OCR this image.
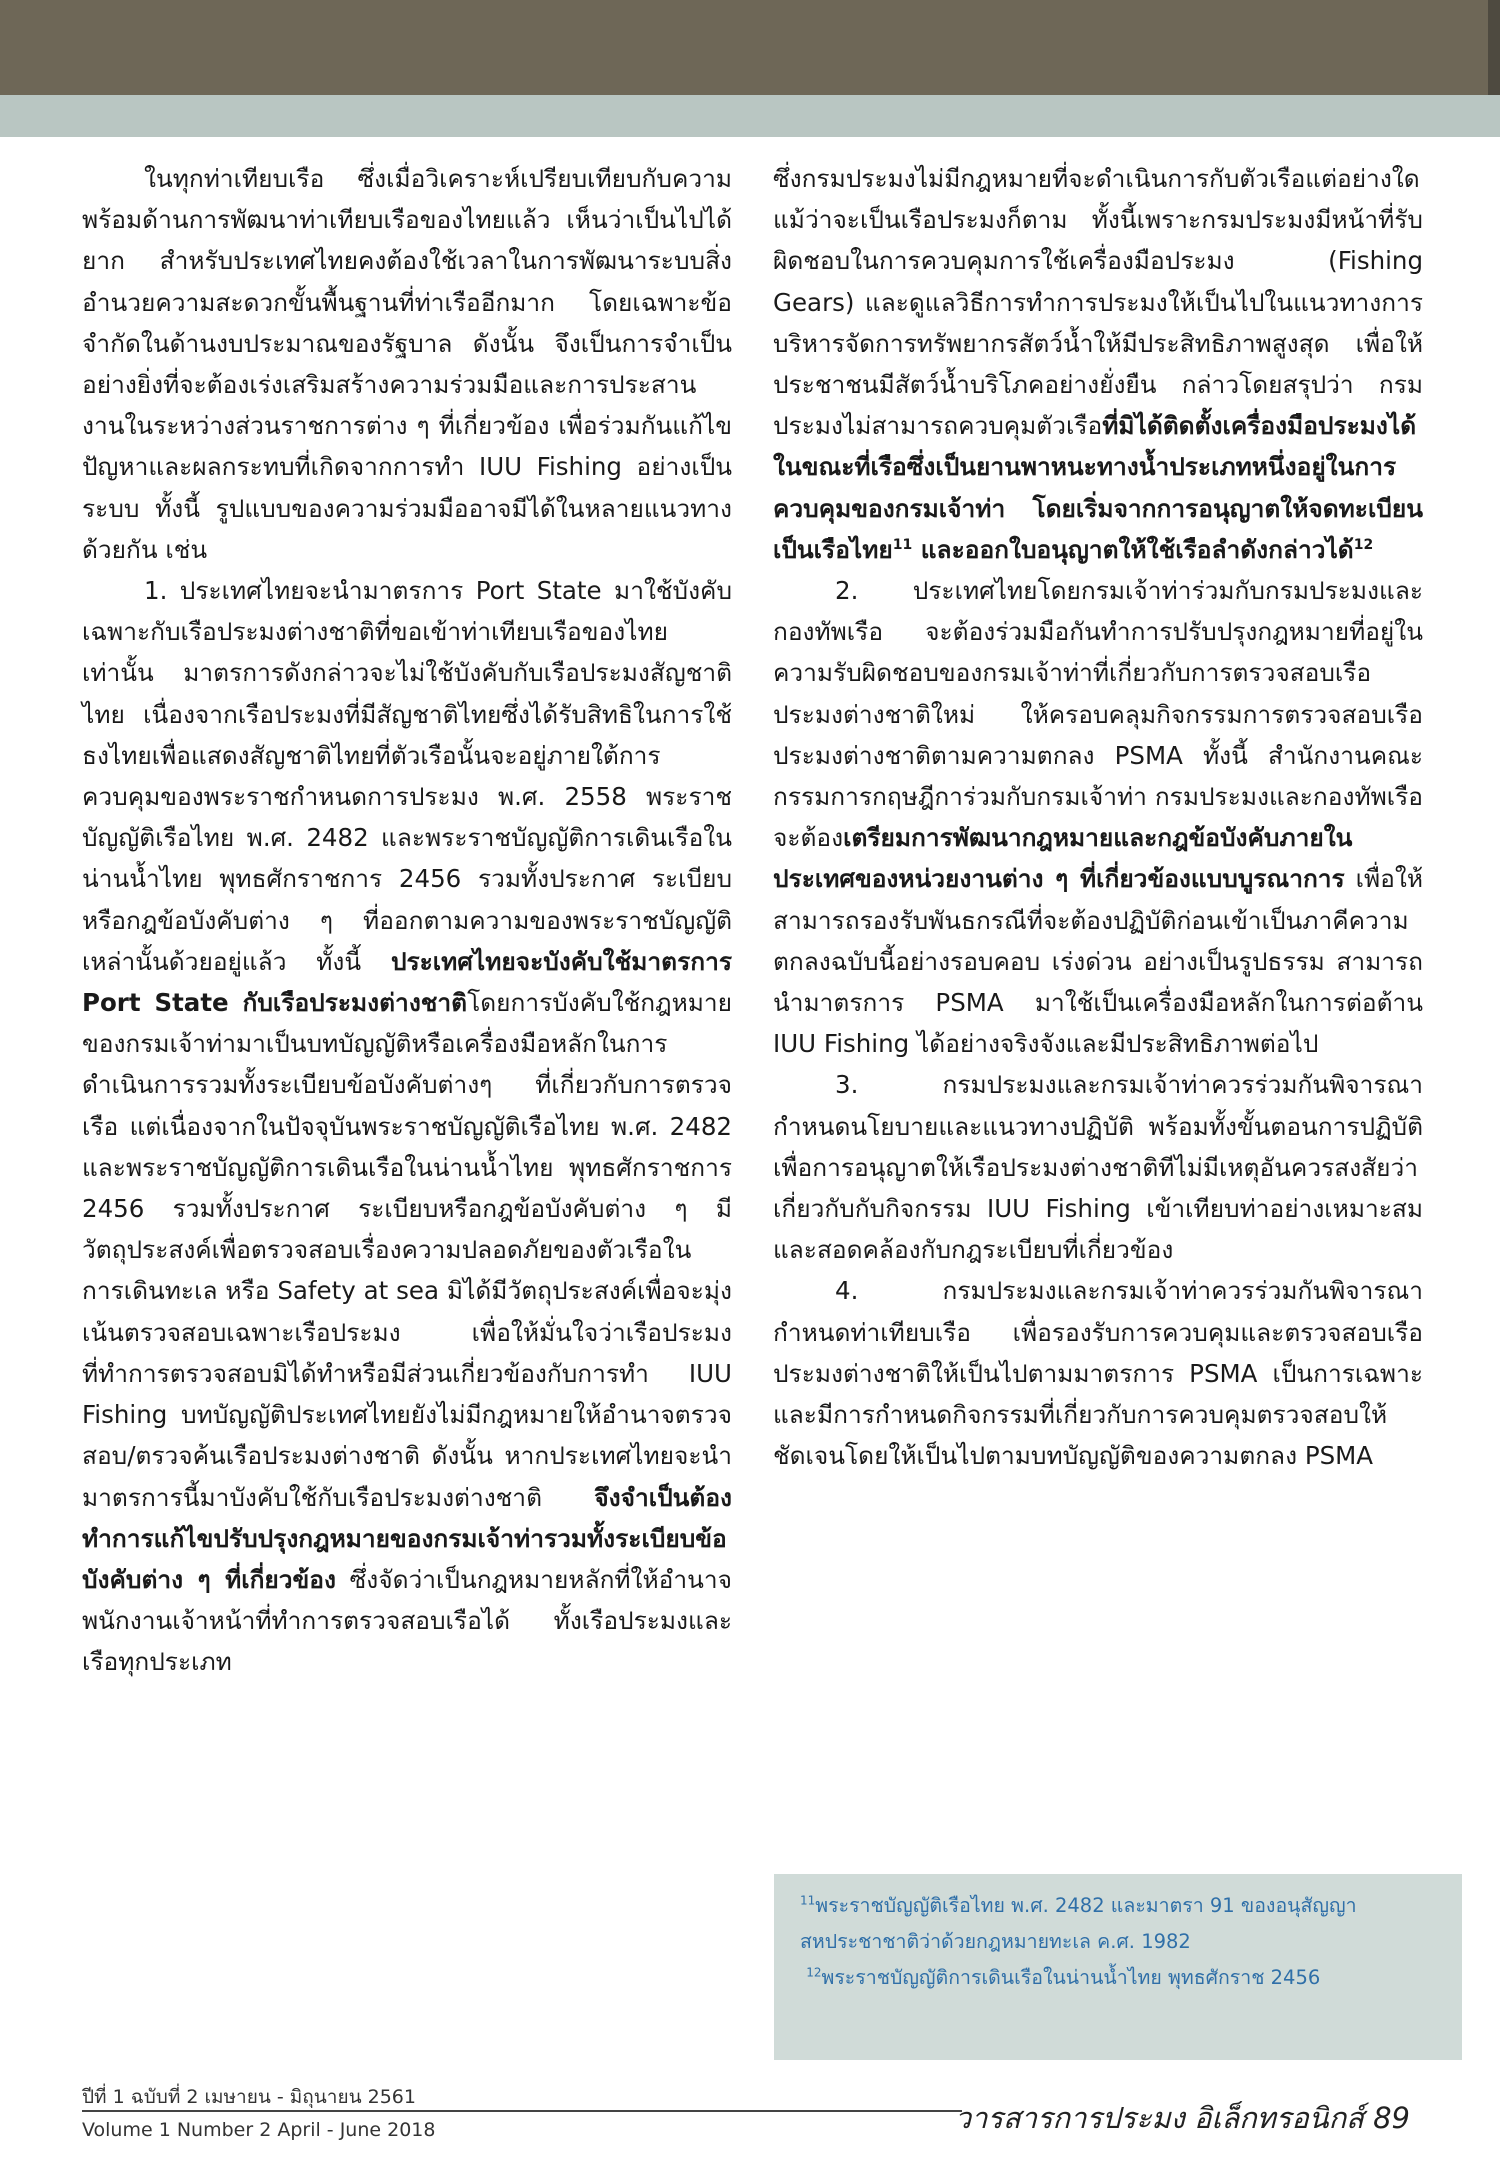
ในทุกท่าเทียบเรือ ซึ่งเมื่อวิเคราะห์เปรียบเทียบกับความพร้อมด้านการพัฒนาท่าเทียบเรือของไทยแล้ว เห็นว่าเป็นไปได้ยาก สำหรับประเทศไทยคงต้องใช้เวลาในการพัฒนาระบบสิ่งอำนวยความสะดวกขั้นพื้นฐานที่ท่าเรืออีกมาก โดยเฉพาะข้อจำกัดในด้านงบประมาณของรัฐบาล ดังนั้น จึงเป็นการจำเป็นอย่างยิ่งที่จะต้องเร่งเสริมสร้างความร่วมมือและการประสานงานในระหว่างส่วนราชการต่าง ๆ ที่เกี่ยวข้อง เพื่อร่วมกันแก้ไขปัญหาและผลกระทบที่เกิดจากการทำ IUU Fishing อย่างเป็นระบบ ทั้งนี้ รูปแบบของความร่วมมืออาจมีได้ในหลายแนวทาง ด้วยกัน เช่น

1. ประเทศไทยจะนำมาตรการ Port State มาใช้บังคับเฉพาะกับเรือประมงต่างชาติที่ขอเข้าท่าเทียบเรือของไทยเท่านั้น มาตรการดังกล่าวจะไม่ใช้บังคับกับเรือประมงสัญชาติไทย เนื่องจากเรือประมงที่มีสัญชาติไทยซึ่งได้รับสิทธิในการใช้ธงไทยเพื่อแสดงสัญชาติไทยที่ตัวเรือนั้นจะอยู่ภายใต้การควบคุมของพระราชกำหนดการประมง พ.ศ. 2558 พระราชบัญญัติเรือไทย พ.ศ. 2482 และพระราชบัญญัติการเดินเรือในน่านน้ำไทย พุทธศักราชการ 2456 รวมทั้งประกาศ ระเบียบหรือกฎข้อบังคับต่าง ๆ ที่ออกตามความของพระราชบัญญัติเหล่านั้นด้วยอยู่แล้ว ทั้งนี้ ประเทศไทยจะบังคับใช้มาตรการ Port State กับเรือประมงต่างชาติโดยการบังคับใช้กฎหมายของกรมเจ้าท่ามาเป็นบทบัญญัติหรือเครื่องมือหลักในการดำเนินการรวมทั้งระเบียบข้อบังคับต่างๆ ที่เกี่ยวกับการตรวจเรือ แต่เนื่องจากในปัจจุบันพระราชบัญญัติเรือไทย พ.ศ. 2482 และพระราชบัญญัติการเดินเรือในน่านน้ำไทย พุทธศักราชการ 2456 รวมทั้งประกาศ ระเบียบหรือกฎข้อบังคับต่าง ๆ มีวัตถุประสงค์เพื่อตรวจสอบเรื่องความปลอดภัยของตัวเรือในการเดินทะเล หรือ Safety at sea มิได้มีวัตถุประสงค์เพื่อจะมุ่งเน้นตรวจสอบเฉพาะเรือประมง เพื่อให้มั่นใจว่าเรือประมงที่ทำการตรวจสอบมิได้ทำหรือมีส่วนเกี่ยวข้องกับการทำ IUU Fishing บทบัญญัติประเทศไทยยังไม่มีกฎหมายให้อำนาจตรวจสอบ/ตรวจค้นเรือประมงต่างชาติ ดังนั้น หากประเทศไทยจะนำมาตรการนี้มาบังคับใช้กับเรือประมงต่างชาติ จึงจำเป็นต้องทำการแก้ไขปรับปรุงกฎหมายของกรมเจ้าท่ารวมทั้งระเบียบข้อบังคับต่าง ๆ ที่เกี่ยวข้อง ซึ่งจัดว่าเป็นกฎหมายหลักที่ให้อำนาจพนักงานเจ้าหน้าที่ทำการตรวจสอบเรือได้ ทั้งเรือประมงและเรือทุกประเภท

ซึ่งกรมประมงไม่มีกฎหมายที่จะดำเนินการกับตัวเรือแต่อย่างใดแม้ว่าจะเป็นเรือประมงก็ตาม ทั้งนี้เพราะกรมประมงมีหน้าที่รับผิดชอบในการควบคุมการใช้เครื่องมือประมง (Fishing Gears) และดูแลวิธีการทำการประมงให้เป็นไปในแนวทางการบริหารจัดการทรัพยากรสัตว์น้ำให้มีประสิทธิภาพสูงสุด เพื่อให้ประชาชนมีสัตว์น้ำบริโภคอย่างยั่งยืน กล่าวโดยสรุปว่า กรมประมงไม่สามารถควบคุมตัวเรือที่มิได้ติดตั้งเครื่องมือประมงได้ ในขณะที่เรือซึ่งเป็นยานพาหนะทางน้ำประเภทหนึ่งอยู่ในการควบคุมของกรมเจ้าท่า โดยเริ่มจากการอนุญาตให้จดทะเบียนเป็นเรือไทย$^{11}$ และออกใบอนุญาตให้ใช้เรือลำดังกล่าวได้$^{12}$

2. ประเทศไทยโดยกรมเจ้าท่าร่วมกับกรมประมงและกองทัพเรือ จะต้องร่วมมือกันทำการปรับปรุงกฎหมายที่อยู่ในความรับผิดชอบของกรมเจ้าท่าที่เกี่ยวกับการตรวจสอบเรือประมงต่างชาติใหม่ ให้ครอบคลุมกิจกรรมการตรวจสอบเรือประมงต่างชาติตามความตกลง PSMA ทั้งนี้ สำนักงานคณะกรรมการกฤษฎีการ่วมกับกรมเจ้าท่า กรมประมงและกองทัพเรือ จะต้องเตรียมการพัฒนากฎหมายและกฎข้อบังคับภายในประเทศของหน่วยงานต่าง ๆ ที่เกี่ยวข้องแบบบูรณาการ เพื่อให้สามารถรองรับพันธกรณีที่จะต้องปฏิบัติก่อนเข้าเป็นภาคีความตกลงฉบับนี้อย่างรอบคอบ เร่งด่วน อย่างเป็นรูปธรรม สามารถนำมาตรการ PSMA มาใช้เป็นเครื่องมือหลักในการต่อต้าน IUU Fishing ได้อย่างจริงจังและมีประสิทธิภาพต่อไป

3. กรมประมงและกรมเจ้าท่าควรร่วมกันพิจารณากำหนดนโยบายและแนวทางปฏิบัติ พร้อมทั้งขั้นตอนการปฏิบัติเพื่อการอนุญาตให้เรือประมงต่างชาติทีไม่มีเหตุอันควรสงสัยว่าเกี่ยวกับกับกิจกรรม IUU Fishing เข้าเทียบท่าอย่างเหมาะสม และสอดคล้องกับกฎระเบียบที่เกี่ยวข้อง

4. กรมประมงและกรมเจ้าท่าควรร่วมกันพิจารณากำหนดท่าเทียบเรือ เพื่อรองรับการควบคุมและตรวจสอบเรือประมงต่างชาติให้เป็นไปตามมาตรการ PSMA เป็นการเฉพาะ และมีการกำหนดกิจกรรมที่เกี่ยวกับการควบคุมตรวจสอบให้ชัดเจนโดยให้เป็นไปตามบทบัญญัติของความตกลง PSMA

$^{11}$พระราชบัญญัติเรือไทย พ.ศ. 2482 และมาตรา 91 ของอนุสัญญาสหประชาชาติว่าด้วยกฎหมายทะเล ค.ศ. 1982

$^{12}$พระราชบัญญัติการเดินเรือในน่านน้ำไทย พุทธศักราช 2456

ปีที่ 1 ฉบับที่ 2 เมษายน - มิถุนายน 2561
Volume 1 Number 2 April - June 2018	วารสารการประมง อิเล็กทรอนิกส์ 89
